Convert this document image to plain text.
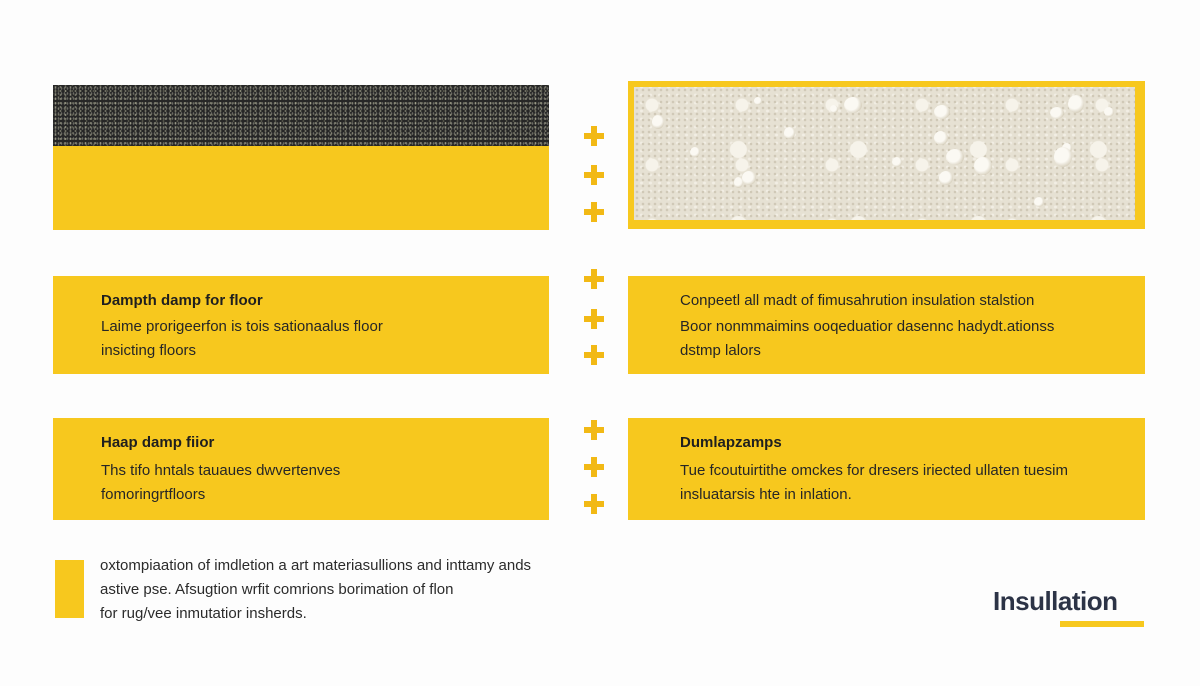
Dampth damp for floor

Laime prorigeerfon is tois sationaalus floor

insicting floors

Conpeetl all madt of fimusahrution insulation stalstion

Boor nonmmaimins ooqeduatior dasennc hadydt.ationss

dstmp lalors

Haap damp fiior

Ths tifo hntals tauaues dwvertenves

fomoringrtfloors

Dumlapzamps

Tue fcoutuirtithe omckes for dresers iriected ullaten tuesim

insluatarsis hte in inlation.

oxtompiaation of imdletion a art materiasullions and inttamy ands

astive pse. Afsugtion wrfit comrions borimation of flon

for rug/vee inmutatior insherds.	Insullation
